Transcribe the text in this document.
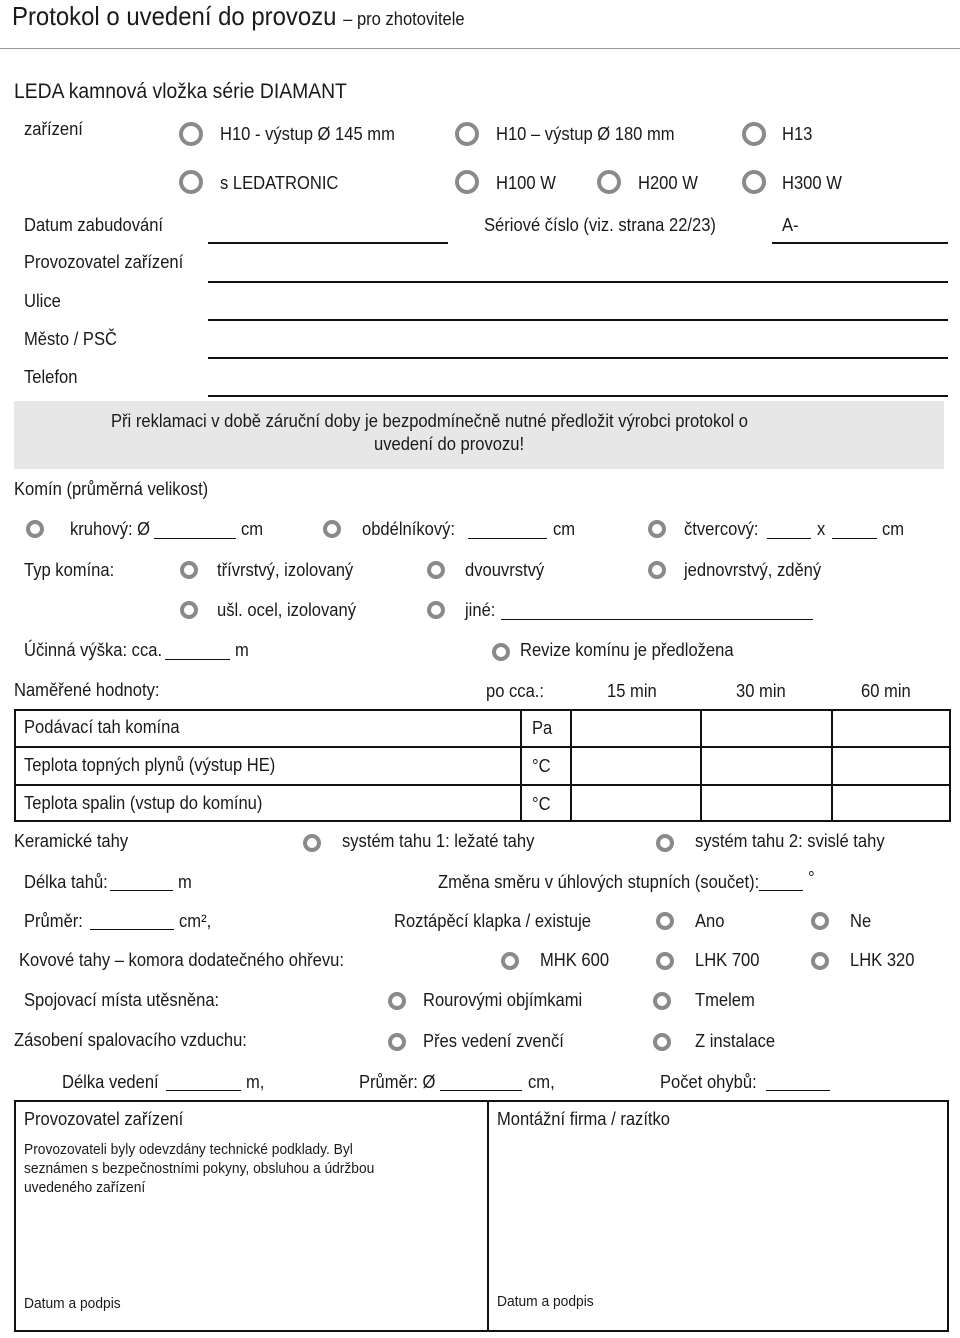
Protokol o uvedení do provozu – pro zhotovitele
LEDA kamnová vložka série DIAMANT
zařízení	H10 - výstup Ø 145 mm	H10 – výstup Ø 180 mm	H13
s LEDATRONIC	H100 W	H200 W	H300 W
Datum zabudování	Sériové číslo (viz. strana 22/23)	A-
Provozovatel zařízení
Ulice
Město / PSČ
Telefon
Při reklamaci v době záruční doby je bezpodmínečně nutné předložit výrobci protokol o
uvedení do provozu!
Komín (průměrná velikost)
kruhový: Ø	cm	obdélníkový:	cm	čtvercový:	x	cm
Typ komína:	třívrstvý, izolovaný	dvouvrstvý	jednovrstvý, zděný
ušl. ocel, izolovaný	jiné:
Účinná výška: cca.	m	Revize komínu je předložena
Naměřené hodnoty:	po cca.:	15 min	30 min	60 min
Podávací tah komína	Pa
Teplota topných plynů (výstup HE)	°C
Teplota spalin (vstup do komínu)	°C
Keramické tahy	systém tahu 1: ležaté tahy	systém tahu 2: svislé tahy
Délka tahů:	m	Změna směru v úhlových stupních (součet):	°
Průměr:	cm²,	Roztápěcí klapka / existuje	Ano	Ne
Kovové tahy – komora dodatečného ohřevu:	MHK 600	LHK 700	LHK 320
Spojovací místa utěsněna:	Rourovými objímkami	Tmelem
Zásobení spalovacího vzduchu:	Přes vedení zvenčí	Z instalace
Délka vedení	m,	Průměr: Ø	cm,	Počet ohybů:
Provozovatel zařízení
Provozovateli byly odevzdány technické podklady. Byl
seznámen s bezpečnostními pokyny, obsluhou a údržbou
uvedeného zařízení
Datum a podpis
Montážní firma / razítko
Datum a podpis
